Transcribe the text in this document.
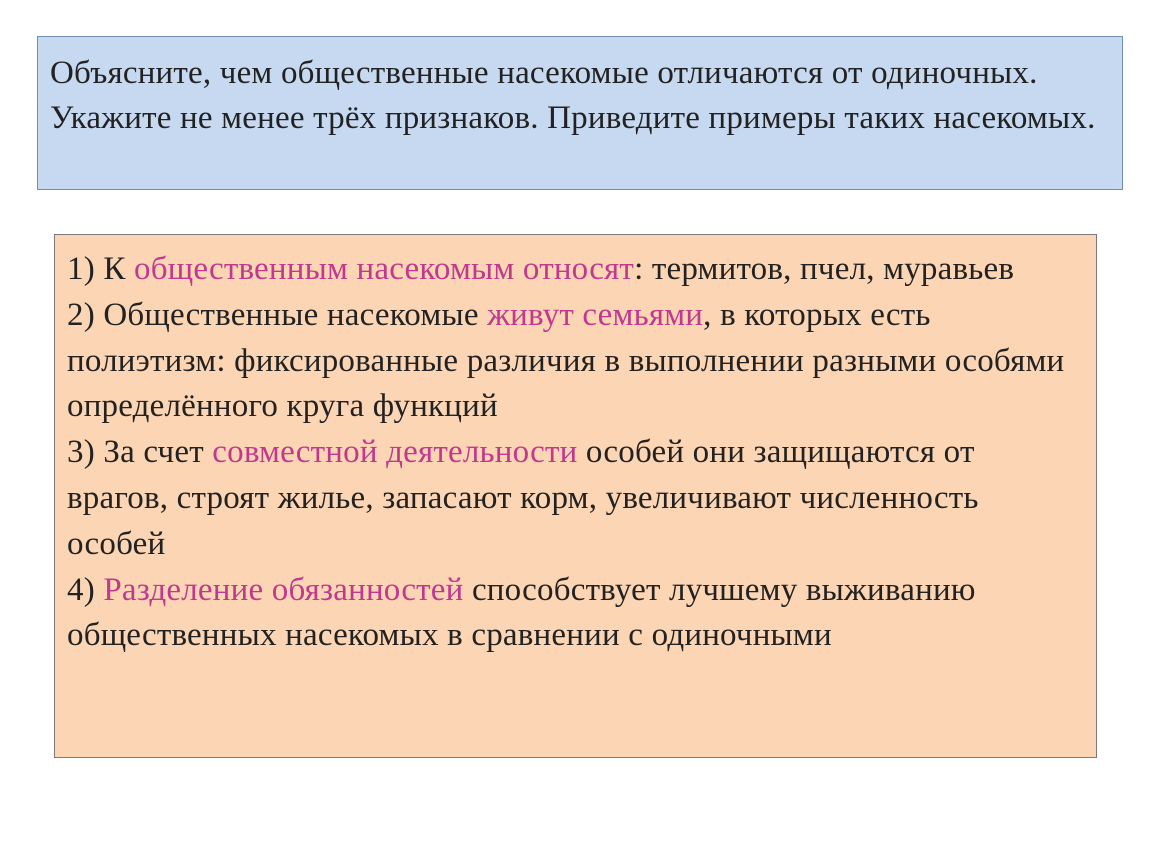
Объясните, чем общественные насекомые отличаются от одиночных. Укажите не менее трёх признаков. Приведите примеры таких насекомых.
1) К общественным насекомым относят: термитов, пчел, муравьев
2) Общественные насекомые живут семьями, в которых есть полиэтизм: фиксированные различия в выполнении разными особями определённого круга функций
3) За счет совместной деятельности особей они защищаются от врагов, строят жилье, запасают корм, увеличивают численность особей
4) Разделение обязанностей способствует лучшему выживанию общественных насекомых в сравнении с одиночными
